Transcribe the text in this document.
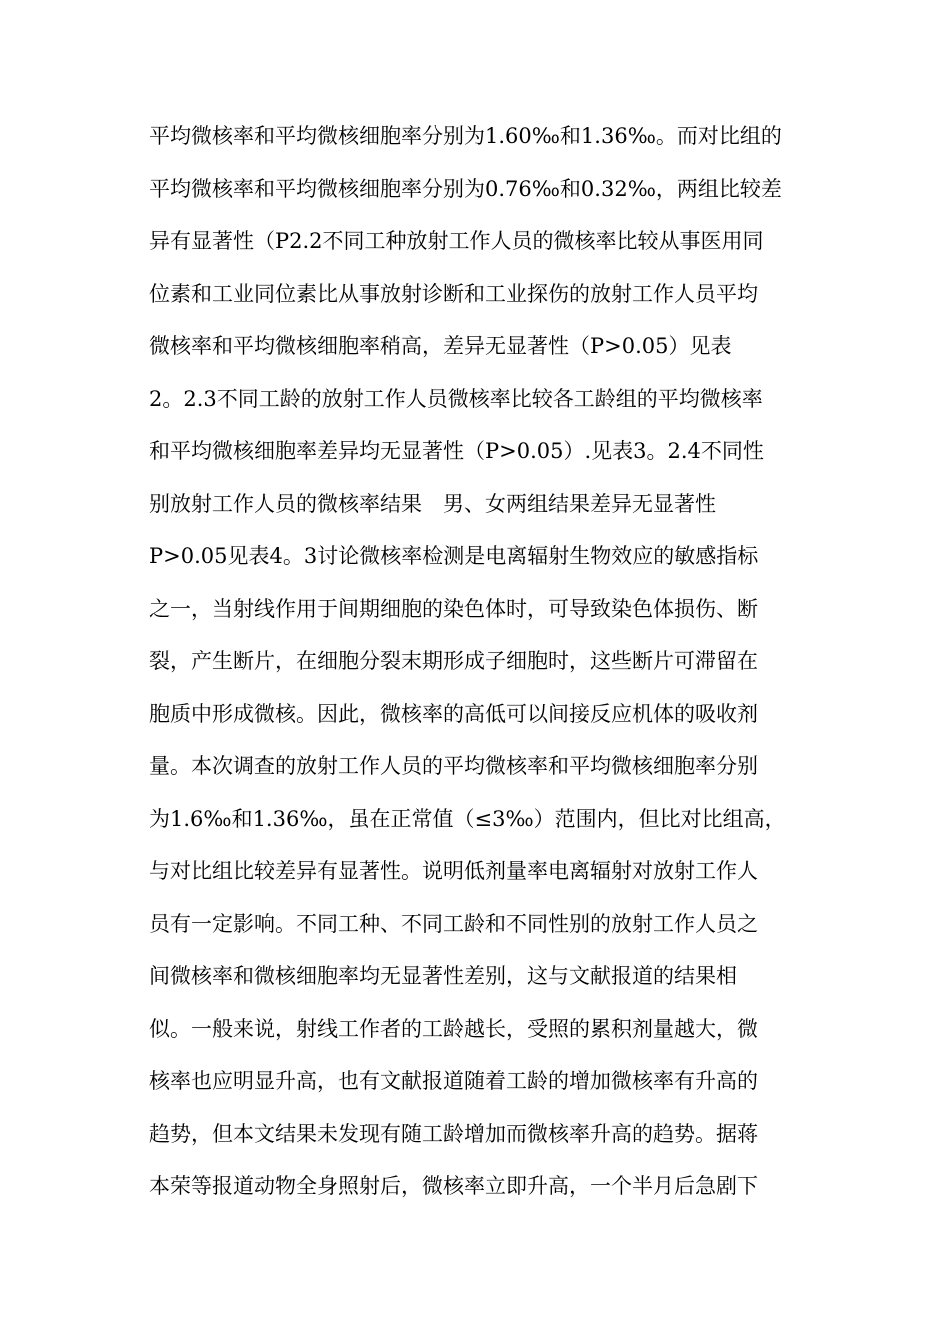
平均微核率和平均微核细胞率分别为1.60‰和1.36‰。而对比组的
平均微核率和平均微核细胞率分别为0.76‰和0.32‰，两组比较差
异有显著性（P2.2不同工种放射工作人员的微核率比较从事医用同
位素和工业同位素比从事放射诊断和工业探伤的放射工作人员平均
微核率和平均微核细胞率稍高，差异无显著性（P>0.05）见表
2。2.3不同工龄的放射工作人员微核率比较各工龄组的平均微核率
和平均微核细胞率差异均无显著性（P>0.05）.见表3。2.4不同性
别放射工作人员的微核率结果　男、女两组结果差异无显著性
P>0.05见表4。3讨论微核率检测是电离辐射生物效应的敏感指标
之一，当射线作用于间期细胞的染色体时，可导致染色体损伤、断
裂，产生断片，在细胞分裂末期形成子细胞时，这些断片可滞留在
胞质中形成微核。因此，微核率的高低可以间接反应机体的吸收剂
量。本次调查的放射工作人员的平均微核率和平均微核细胞率分别
为1.6‰和1.36‰，虽在正常值（≤3‰）范围内，但比对比组高，
与对比组比较差异有显著性。说明低剂量率电离辐射对放射工作人
员有一定影响。不同工种、不同工龄和不同性别的放射工作人员之
间微核率和微核细胞率均无显著性差别，这与文献报道的结果相
似。一般来说，射线工作者的工龄越长，受照的累积剂量越大，微
核率也应明显升高，也有文献报道随着工龄的增加微核率有升高的
趋势，但本文结果未发现有随工龄增加而微核率升高的趋势。据蒋
本荣等报道动物全身照射后，微核率立即升高，一个半月后急剧下
